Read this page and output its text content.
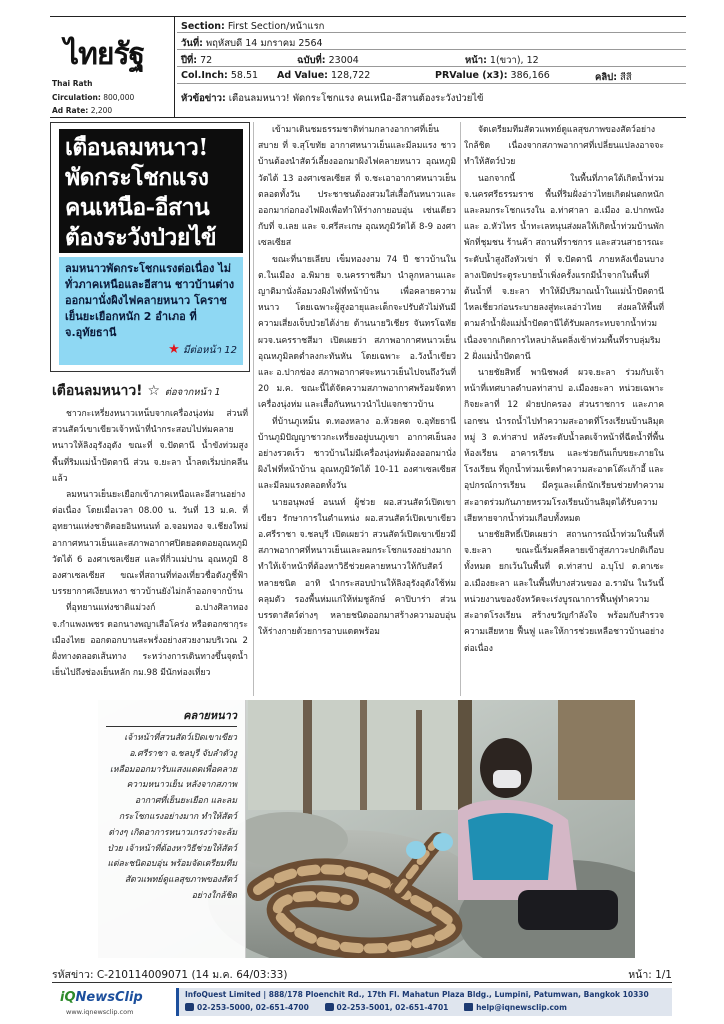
ไทยรัฐ
Thai Rath
Circulation: 800,000
Ad Rate: 2,200
Section: First Section/หน้าแรก
วันที่: พฤหัสบดี 14 มกราคม 2564
ปีที่: 72	ฉบับที่: 23004	หน้า: 1(ขวา), 12
Col.Inch: 58.51 Ad Value: 128,722	PRValue (x3): 386,166	คลิป: สีสี
หัวข้อข่าว: เตือนลมหนาว! พัดกระโชกแรง คนเหนือ-อีสานต้องระวังป่วยไข้
เตือนลมหนาว! พัดกระโชกแรง คนเหนือ-อีสาน ต้องระวังป่วยไข้
ลมหนาวพัดกระโชกแรงต่อเนื่อง ไม่ทั่วภาคเหนือและอีสาน ชาวบ้านต่างออกมานั่งผิงไฟคลายหนาว โคราชเย็นยะเยือกหนัก 2 อำเภอ ที่ จ.อุทัยธานี
★ มีต่อหน้า 12
เตือนลมหนาว! ☆ ต่อจากหน้า 1

ชาวกะเหรี่ยงหนาวเหน็บจากเครื่องนุ่งห่ม ส่วนที่สวนสัตว์เขาเขียวเจ้าหน้าที่นำกระสอบไปห่มคลายหนาวให้ลิงอุรังอุตัง ขณะที่ จ.ปัตตานี น้ำขังท่วมสูงพื้นที่ริมแม่น้ำปัตตานี ส่วน จ.ยะลา น้ำลดเริ่มบ่กคลีนแล้ว

ลมหนาวเย็นยะเยือกเข้าภาคเหนือและอีสานอย่างต่อเนื่อง โดยเมื่อเวลา 08.00 น. วันที่ 13 ม.ค. ที่อุทยานแห่งชาติดอยอินทนนท์ อ.จอมทอง จ.เชียงใหม่ อากาศหนาวเย็นและสภาพอากาศปิดยอดดอยอุณหภูมิวัดได้ 6 องศาเซลเซียส และที่กิ่วแม่ปาน อุณหภูมิ 8 องศาเซลเซียส ขณะที่สถานที่ท่องเที่ยวชื่อดังภูชี้ฟ้าบรรยากาศเงียบเหงา ชาวบ้านยังไม่กล้าออกจากบ้าน

ที่อุทยานแห่งชาติแม่วงก์ อ.ปางศิลาทอง จ.กำแพงเพชร ดอกนางพญาเสือโคร่ง หรือดอกซากุระเมืองไทย ออกดอกบานสะพรั่งอย่างสวยงามบริเวณ 2 ฝั่งทางตลอดเส้นทาง ระหว่างการเดินทางขึ้นจุดน้ำเย็นไปถึงช่องเย็นหลัก กม.98 มีนักท่องเที่ยว

เข้ามาเดินชมธรรมชาติท่ามกลางอากาศที่เย็นสบาย ที่ จ.สุโขทัย อากาศหนาวเย็นและมีลมแรง ชาวบ้านต้องนำสัตว์เลี้ยงออกมาผิงไฟคลายหนาว อุณหภูมิวัดได้ 13 องศาเซลเซียส ที่ จ.ชะเอาอากาศหนาวเย็นตลอดทั้งวัน ประชาชนต้องสวมใส่เสื้อกันหนาวและออกมาก่อกองไฟผิงเพื่อทำให้ร่างกายอบอุ่น เช่นเดียวกับที่ จ.เลย และ จ.ศรีสะเกษ อุณหภูมิวัดได้ 8-9 องศาเซลเซียส

ขณะที่นายเลียบ เข็มทองงาม 74 ปี ชาวบ้านใน ต.ในเมือง อ.พิมาย จ.นครราชสีมา นำลูกหลานและญาติมานั่งล้อมวงผิงไฟที่หน้าบ้าน เพื่อคลายความหนาว โดยเฉพาะผู้สูงอายุและเด็กจะปรับตัวไม่ทันมีความเสี่ยงเจ็บป่วยได้ง่าย ด้านนายวิเชียร จันทรโฉทัย ผวจ.นครราชสีมา เปิดเผยว่า สภาพอากาศหนาวเย็นอุณหภูมิลดต่ำลงกะทันหัน โดยเฉพาะ อ.วังน้ำเขียว และ อ.ปากช่อง สภาพอากาศจะหนาวเย็นไปจนถึงวันที่ 20 ม.ค. ขณะนี้ได้จัดความสภาพอากาศพร้อมจัดหาเครื่องนุ่งห่ม และเสื้อกันหนาวนำไปแจกชาวบ้าน

ที่บ้านภูเหม็น ต.ทองหลาง อ.ห้วยคต จ.อุทัยธานี บ้านภูมิปัญญาชาวกะเหรี่ยงอยู่บนภูเขา อากาศเย็นลงอย่างรวดเร็ว ชาวบ้านไม่มีเครื่องนุ่งห่มต้องออกมานั่งผิงไฟที่หน้าบ้าน อุณหภูมิวัดได้ 10-11 องศาเซลเซียส และมีลมแรงตลอดทั้งวัน

นายอนุพงษ์ อนนท์ ผู้ช่วย ผอ.สวนสัตว์เปิดเขาเขียว รักษาการในตำแหน่ง ผอ.สวนสัตว์เปิดเขาเขียว อ.ศรีราชา จ.ชลบุรี เปิดเผยว่า สวนสัตว์เปิดเขาเขียวมีสภาพอากาศที่หนาวเย็นและลมกระโชกแรงอย่างมาก ทำให้เจ้าหน้าที่ต้องหาวิธีช่วยคลายหนาวให้กับสัตว์หลายชนิด อาทิ นำกระสอบป่านให้ลิงอุรังอุตังใช้ห่มคลุมตัว รองพื้นห่มแก่ให้ห่มชูลักษ์ คาปิบาร่า ส่วนบรรดาสัตว์ต่างๆ หลายชนิดออกมาสร้างความอบอุ่นให้ร่างกายด้วยการอาบแดดพร้อม

จัดเตรียมทีมสัตวแพทย์ดูแลสุขภาพของสัตว์อย่างใกล้ชิด เนื่องจากสภาพอากาศที่เปลี่ยนแปลงอาจจะทำให้สัตว์ป่วย

นอกจากนี้ ในพื้นที่ภาคใต้เกิดน้ำท่วม จ.นครศรีธรรมราช พื้นที่ริมฝั่งอ่าวไทยเกิดฝนตกหนักและลมกระโชกแรงใน อ.ท่าศาลา อ.เมือง อ.ปากพนัง และ อ.หัวไทร น้ำทะเลหนุนส่งผลให้เกิดน้ำท่วมบ้านพักพักที่ชุมชน ร้านค้า สถานที่ราชการ และสวนสาธารณะ ระดับน้ำสูงถึงหัวเข่า ที่ จ.ปัตตานี ภายหลังเขื่อนบางลางเปิดประตูระบายน้ำเพิ่งครั้งแรกมีน้ำจากในพื้นที่ต้นน้ำที่ จ.ยะลา ทำให้มีปริมาณน้ำในแม่น้ำปัตตานีไหลเชี่ยวก่อนระบายลงสู่ทะเลอ่าวไทย ส่งผลให้พื้นที่ตามลำน้ำฝั่งแม่น้ำปัตตานีได้รับผลกระทบจากน้ำท่วม เนื่องจากเกิดการไหลบ่าล้นตลิ่งเข้าท่วมพื้นที่ราบลุ่มริม 2 ฝั่งแม่น้ำปัตตานี

นายชัยสิทธิ์ พานิชพงศ์ ผวจ.ยะลา ร่วมกับเจ้าหน้าที่เทศบาลตำบลท่าสาป อ.เมืองยะลา หน่วยเฉพาะกิจยะลาที่ 12 ฝ่ายปกครอง ส่วนราชการ และภาคเอกชน นำรถน้ำไปทำความสะอาดที่โรงเรียนบ้านลิมุด หมู่ 3 ต.ท่าสาป หลังระดับน้ำลดเจ้าหน้าที่ฉีดน้ำที่พื้นห้องเรียน อาคารเรียน และช่วยกันเก็บขยะภายในโรงเรียน ที่ถูกน้ำท่วมเช็ดทำความสะอาดโต๊ะเก้าอี้ และอุปกรณ์การเรียน มีครูและเด็กนักเรียนช่วยทำความสะอาดร่วมกันภายหรวมโรงเรียนบ้านลิมุดได้รับความเสียหายจากน้ำท่วมเกือบทั้งหมด

นายชัยสิทธิ์เปิดเผยว่า สถานการณ์น้ำท่วมในพื้นที่ จ.ยะลา ขณะนี้เริ่มคลี่คลายเข้าสู่สภาวะปกติเกือบทั้งหมด ยกเว้นในพื้นที่ ต.ท่าสาป อ.บุโป ต.ตาเซะ อ.เมืองยะลา และในพื้นที่บางส่วนของ อ.รามัน ในวันนี้หน่วยงานของจังหวัดจะเร่งบูรณาการฟื้นฟูทำความสะอาดโรงเรียน สร้างขวัญกำลังใจ พร้อมกับสำรวจความเสียหาย ฟื้นฟู และให้การช่วยเหลือชาวบ้านอย่างต่อเนื่อง

คลายหนาว
เจ้าหน้าที่สวนสัตว์เปิดเขาเขียว อ.ศรีราชา จ.ชลบุรี จับลำตัวงูเหลือมออกมารับแสงแดดเพื่อคลายความหนาวเย็น หลังจากสภาพอากาศที่เย็นยะเยือก และลมกระโชกแรงอย่างมาก ทำให้สัตว์ต่างๆ เกิดอาการหนาวเกรงว่าจะล้มป่วย เจ้าหน้าที่ต้องหาวิธีช่วยให้สัตว์แต่ละชนิดอบอุ่น พร้อมจัดเตรียมทีมสัตวแพทย์ดูแลสุขภาพของสัตว์อย่างใกล้ชิด
รหัสข่าว: C-210114009071 (14 ม.ค. 64/03:33)	หน้า: 1/1
iQNewsClip
www.iqnewsclip.com
InfoQuest Limited | 888/178 Ploenchit Rd., 17th Fl. Mahatun Plaza Bldg., Lumpini, Patumwan, Bangkok 10330
02-253-5000, 02-651-4700	02-253-5001, 02-651-4701	help@iqnewsclip.com
